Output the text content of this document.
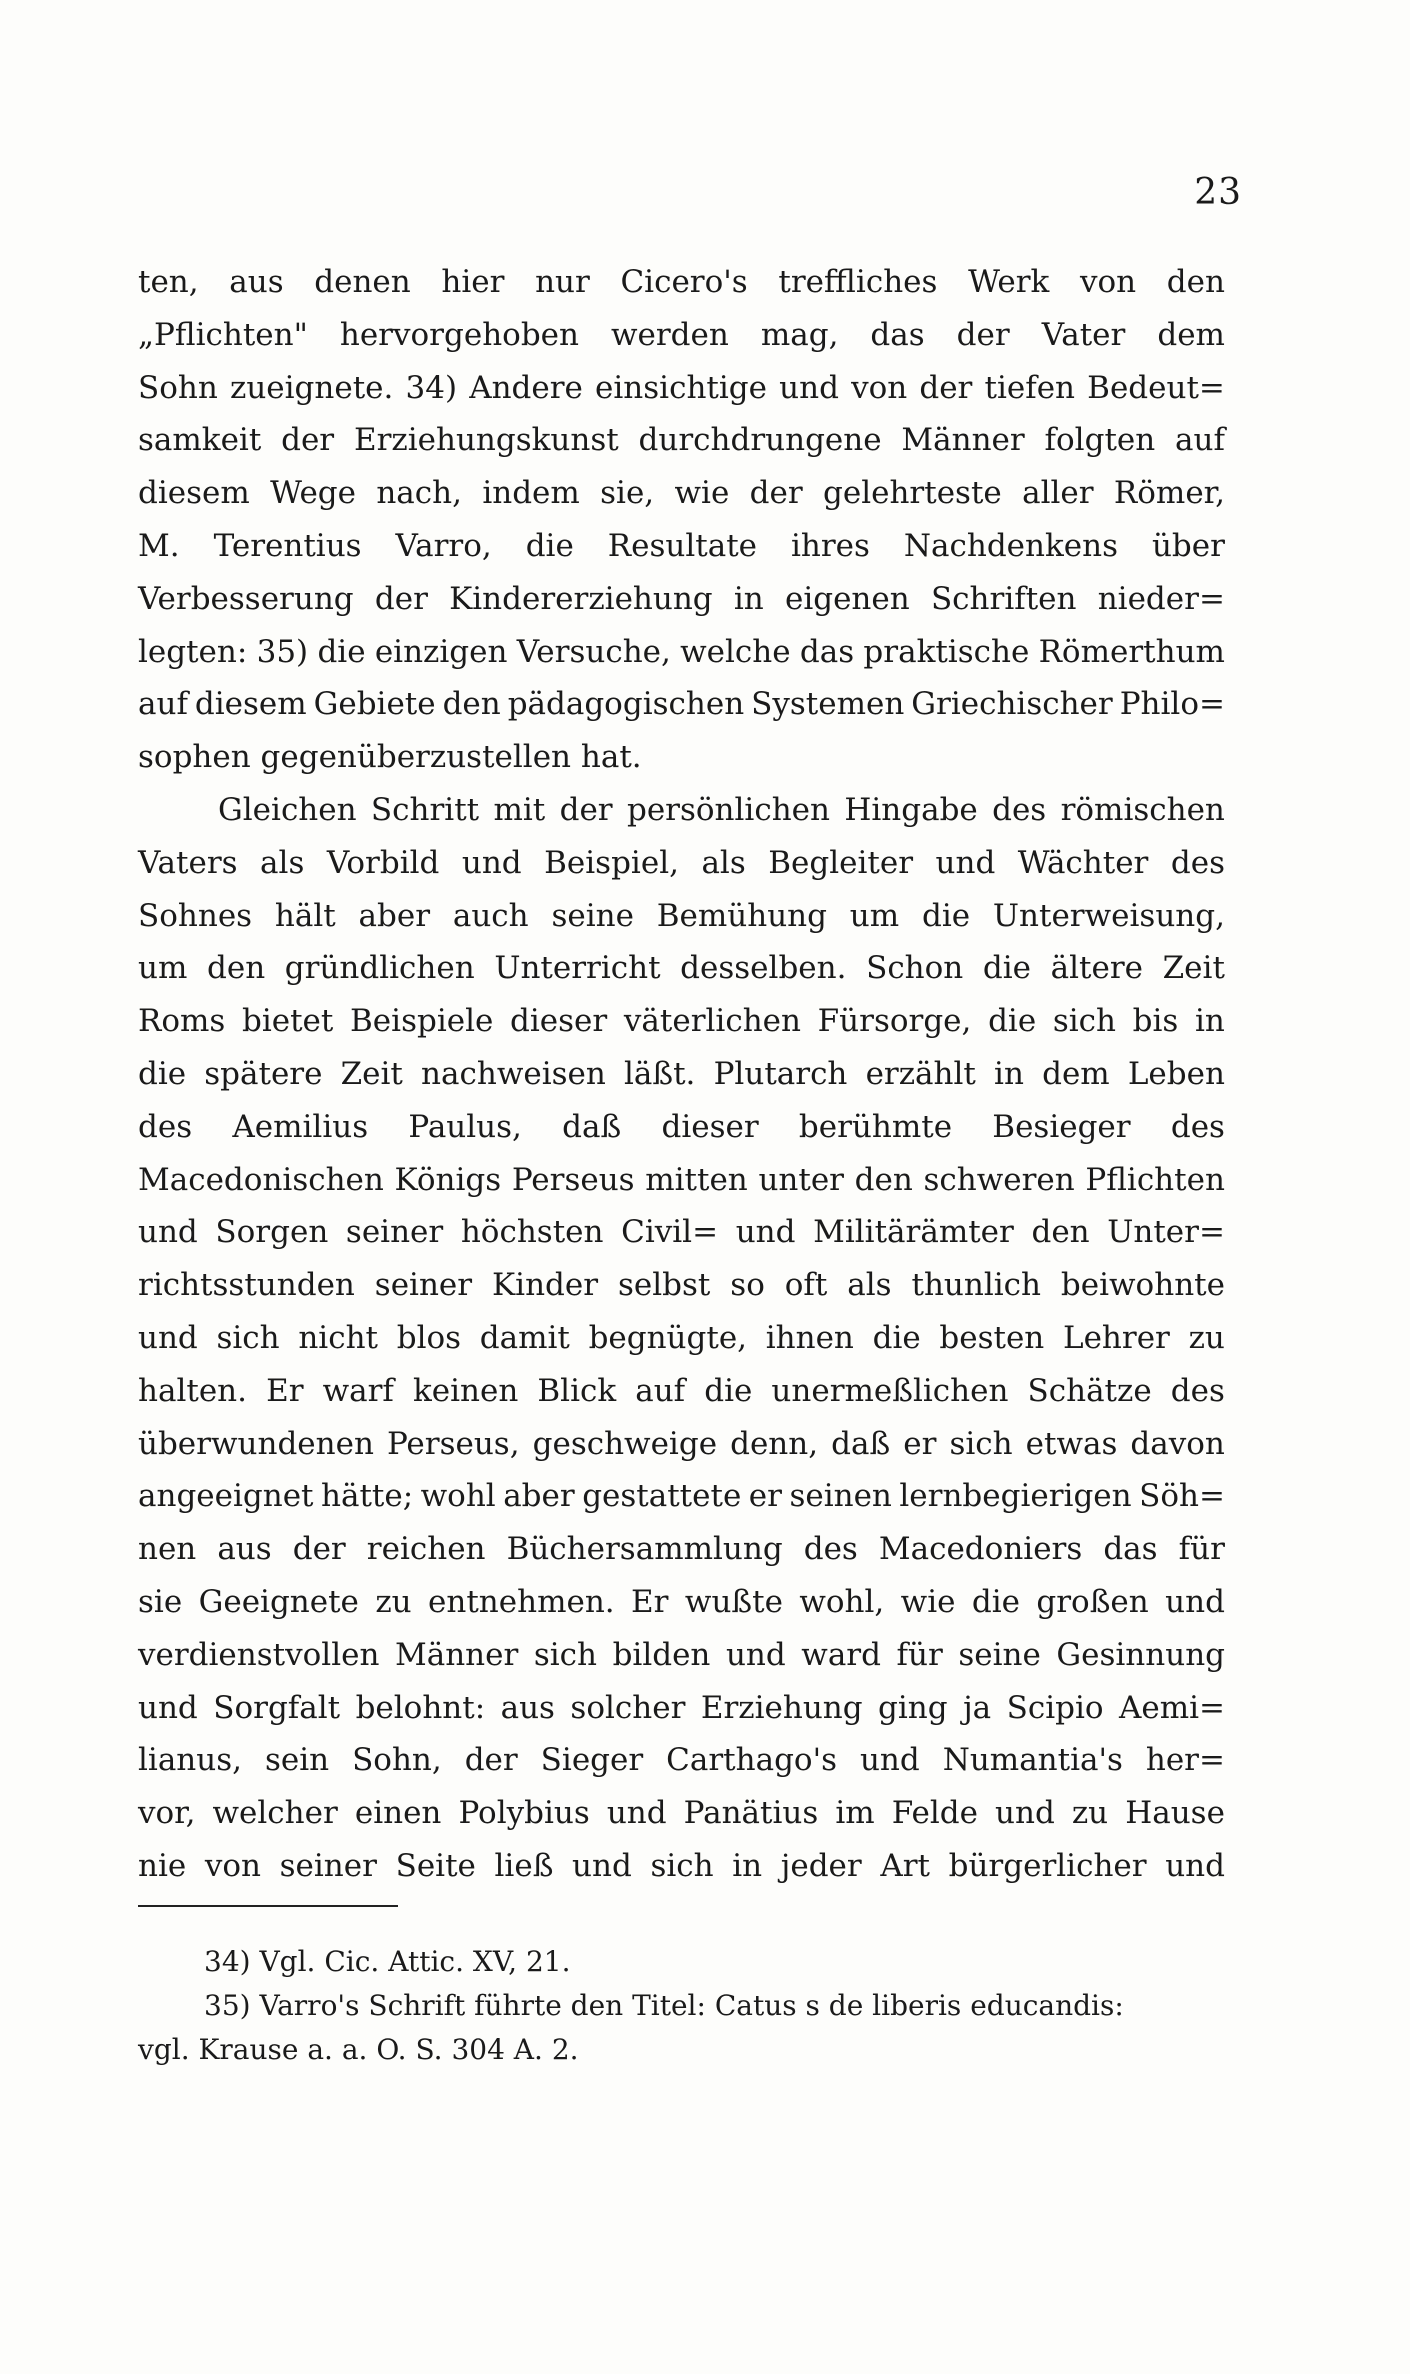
23
ten, aus denen hier nur Cicero's treffliches Werk von den
„Pflichten" hervorgehoben werden mag, das der Vater dem
Sohn zueignete. 34) Andere einsichtige und von der tiefen Bedeut=
samkeit der Erziehungskunst durchdrungene Männer folgten auf
diesem Wege nach, indem sie, wie der gelehrteste aller Römer,
M. Terentius Varro, die Resultate ihres Nachdenkens über
Verbesserung der Kindererziehung in eigenen Schriften nieder=
legten: 35) die einzigen Versuche, welche das praktische Römerthum
auf diesem Gebiete den pädagogischen Systemen Griechischer Philo=
sophen gegenüberzustellen hat.
Gleichen Schritt mit der persönlichen Hingabe des römischen
Vaters als Vorbild und Beispiel, als Begleiter und Wächter des
Sohnes hält aber auch seine Bemühung um die Unterweisung,
um den gründlichen Unterricht desselben. Schon die ältere Zeit
Roms bietet Beispiele dieser väterlichen Fürsorge, die sich bis in
die spätere Zeit nachweisen läßt. Plutarch erzählt in dem Leben
des Aemilius Paulus, daß dieser berühmte Besieger des
Macedonischen Königs Perseus mitten unter den schweren Pflichten
und Sorgen seiner höchsten Civil= und Militärämter den Unter=
richtsstunden seiner Kinder selbst so oft als thunlich beiwohnte
und sich nicht blos damit begnügte, ihnen die besten Lehrer zu
halten. Er warf keinen Blick auf die unermeßlichen Schätze des
überwundenen Perseus, geschweige denn, daß er sich etwas davon
angeeignet hätte; wohl aber gestattete er seinen lernbegierigen Söh=
nen aus der reichen Büchersammlung des Macedoniers das für
sie Geeignete zu entnehmen. Er wußte wohl, wie die großen und
verdienstvollen Männer sich bilden und ward für seine Gesinnung
und Sorgfalt belohnt: aus solcher Erziehung ging ja Scipio Aemi=
lianus, sein Sohn, der Sieger Carthago's und Numantia's her=
vor, welcher einen Polybius und Panätius im Felde und zu Hause
nie von seiner Seite ließ und sich in jeder Art bürgerlicher und
34) Vgl. Cic. Attic. XV, 21.
35) Varro's Schrift führte den Titel: Catus s de liberis educandis:
vgl. Krause a. a. O. S. 304 A. 2.
